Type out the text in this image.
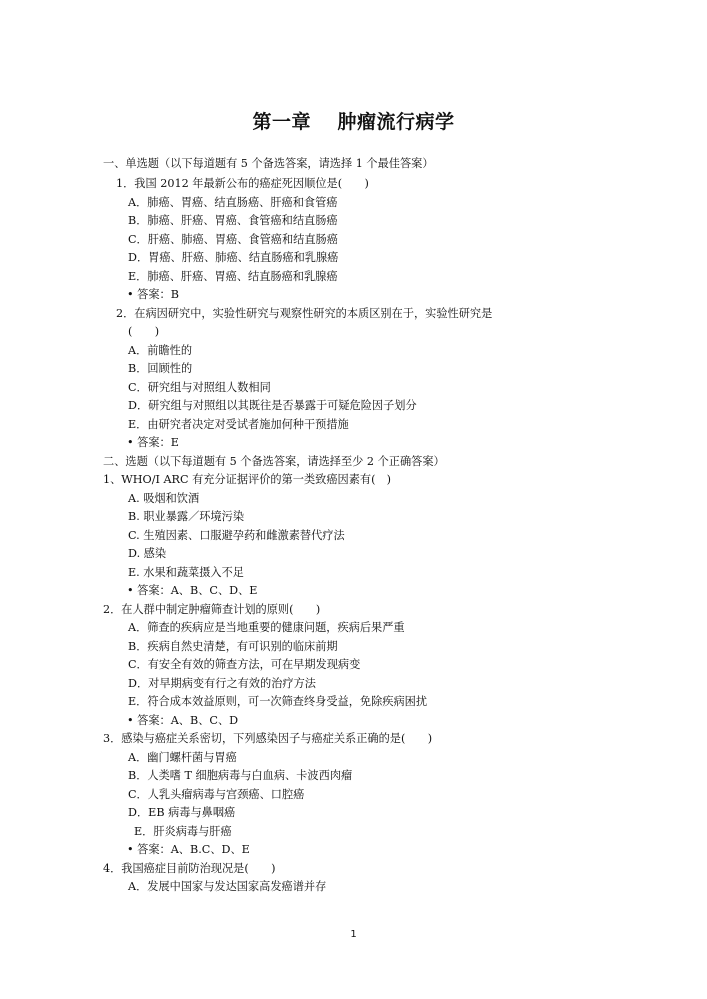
第一章　 肿瘤流行病学
一、单选题（以下每道题有 5 个备选答案，请选择 1 个最佳答案）
1．我国 2012 年最新公布的癌症死因顺位是(　　)
A．肺癌、胃癌、结直肠癌、肝癌和食管癌
B．肺癌、肝癌、胃癌、食管癌和结直肠癌
C．肝癌、肺癌、胃癌、食管癌和结直肠癌
D．胃癌、肝癌、肺癌、结直肠癌和乳腺癌
E．肺癌、肝癌、胃癌、结直肠癌和乳腺癌
• 答案：B
2．在病因研究中，实验性研究与观察性研究的本质区别在于，实验性研究是
(　　)
A．前瞻性的
B．回顾性的
C．研究组与对照组人数相同
D．研究组与对照组以其既往是否暴露于可疑危险因子划分
E．由研究者决定对受试者施加何种干预措施
• 答案：E
二、选题（以下每道题有 5 个备选答案，请选择至少 2 个正确答案）
1、WHO/I ARC 有充分证据评价的第一类致癌因素有(　)
A. 吸烟和饮酒
B. 职业暴露／环境污染
C. 生殖因素、口服避孕药和雌激素替代疗法
D. 感染
E. 水果和蔬菜摄入不足
• 答案：A、B、C、D、E
2．在人群中制定肿瘤筛查计划的原则(　　)
A．筛查的疾病应是当地重要的健康问题，疾病后果严重
B．疾病自然史清楚，有可识别的临床前期
C．有安全有效的筛查方法，可在早期发现病变
D．对早期病变有行之有效的治疗方法
E．符合成本效益原则，可一次筛查终身受益，免除疾病困扰
• 答案：A、B、C、D
3．感染与癌症关系密切，下列感染因子与癌症关系正确的是(　　)
A．幽门螺杆菌与胃癌
B．人类嗜 T 细胞病毒与白血病、卡波西肉瘤
C．人乳头瘤病毒与宫颈癌、口腔癌
D．EB 病毒与鼻咽癌
E．肝炎病毒与肝癌
• 答案：A、B.C、D、E
4．我国癌症目前防治现况是(　　)
A．发展中国家与发达国家高发癌谱并存
1
